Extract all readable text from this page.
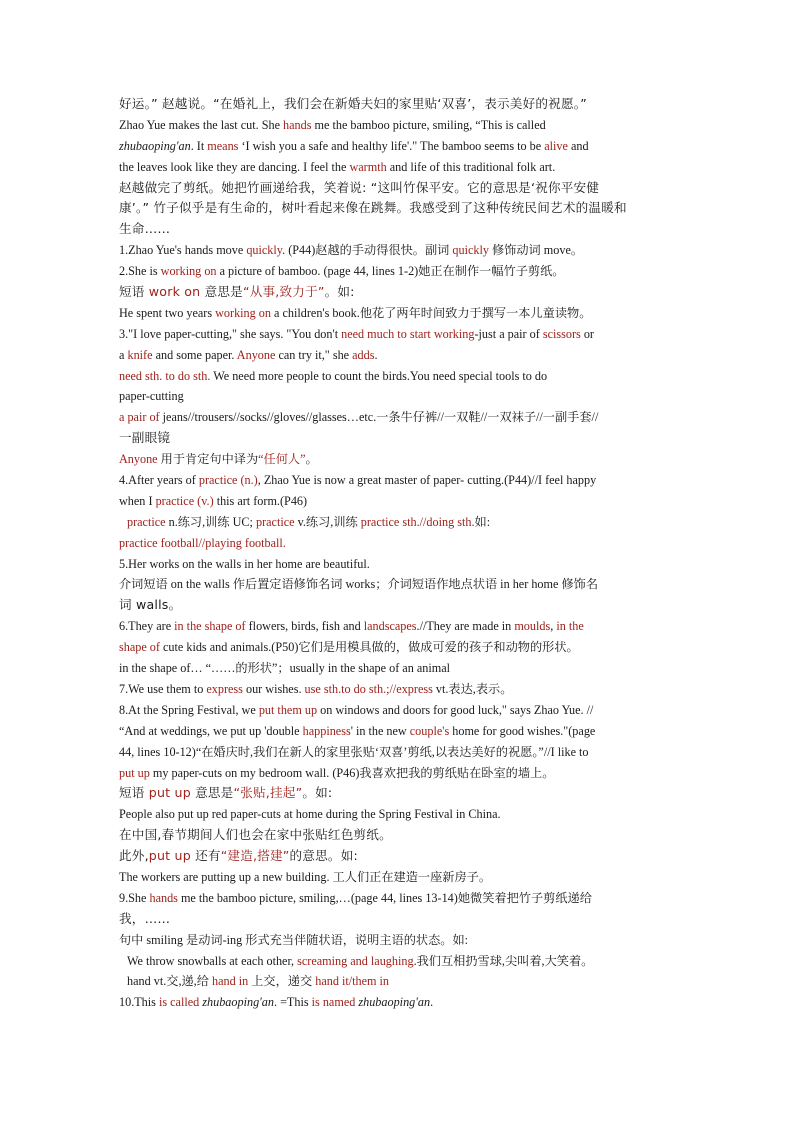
好运。” 赵越说。“在婚礼上，我们会在新婚夫妇的家里贴‘双喜’，表示美好的祝愿。”
Zhao Yue makes the last cut. She hands me the bamboo picture, smiling, “This is called
zhubaoping'an. It means ‘I wish you a safe and healthy life'." The bamboo seems to be alive and
the leaves look like they are dancing. I feel the warmth and life of this traditional folk art.
赵越做完了剪纸。她把竹画递给我，笑着说: “这叫竹保平安。它的意思是‘祝你平安健
康’。” 竹子似乎是有生命的，树叶看起来像在跳舞。我感受到了这种传统民间艺术的温暖和
生命……
1.Zhao Yue's hands move quickly. (P44)赵越的手动得很快。副词 quickly 修饰动词 move。
2.She is working on a picture of bamboo. (page 44, lines 1-2)她正在制作一幅竹子剪纸。
短语 work on 意思是“从事,致力于”。如:
He spent two years working on a children's book.他花了两年时间致力于撰写一本儿童读物。
3."I love paper-cutting," she says. "You don't need much to start working-just a pair of scissors or
a knife and some paper. Anyone can try it," she adds.
need sth. to do sth. We need more people to count the birds.You need special tools to do
paper-cutting
a pair of jeans//trousers//socks//gloves//glasses…etc.一条牛仔裤//一双鞋//一双袜子//一副手套//
一副眼镜
Anyone 用于肯定句中译为“任何人”。
4.After years of practice (n.), Zhao Yue is now a great master of paper- cutting.(P44)//I feel happy
when I practice (v.) this art form.(P46)
practice n.练习,训练 UC; practice v.练习,训练 practice sth.//doing sth.如:
practice football//playing football.
5.Her works on the walls in her home are beautiful.
介词短语 on the walls 作后置定语修饰名词 works；介词短语作地点状语 in her home 修饰名
词 walls。
6.They are in the shape of flowers, birds, fish and landscapes.//They are made in moulds, in the
shape of cute kids and animals.(P50)它们是用模具做的，做成可爱的孩子和动物的形状。
in the shape of… “……的形状”；usually in the shape of an animal
7.We use them to express our wishes. use sth.to do sth.;//express vt.表达,表示。
8.At the Spring Festival, we put them up on windows and doors for good luck," says Zhao Yue. //
“And at weddings, we put up 'double happiness' in the new couple's home for good wishes."(page
44, lines 10-12)“在婚庆时,我们在新人的家里张贴‘双喜’剪纸,以表达美好的祝愿。”//I like to
put up my paper-cuts on my bedroom wall. (P46)我喜欢把我的剪纸贴在卧室的墙上。
短语 put up 意思是“张贴,挂起”。如:
People also put up red paper-cuts at home during the Spring Festival in China.
在中国,春节期间人们也会在家中张贴红色剪纸。
此外,put up 还有“建造,搭建”的意思。如:
The workers are putting up a new building. 工人们正在建造一座新房子。
9.She hands me the bamboo picture, smiling,…(page 44, lines 13-14)她微笑着把竹子剪纸递给
我，……
句中 smiling 是动词-ing 形式充当伴随状语，说明主语的状态。如:
We throw snowballs at each other, screaming and laughing.我们互相扔雪球,尖叫着,大笑着。
hand vt.交,递,给 hand in 上交，递交 hand it/them in
10.This is called zhubaoping'an. =This is named zhubaoping'an.
